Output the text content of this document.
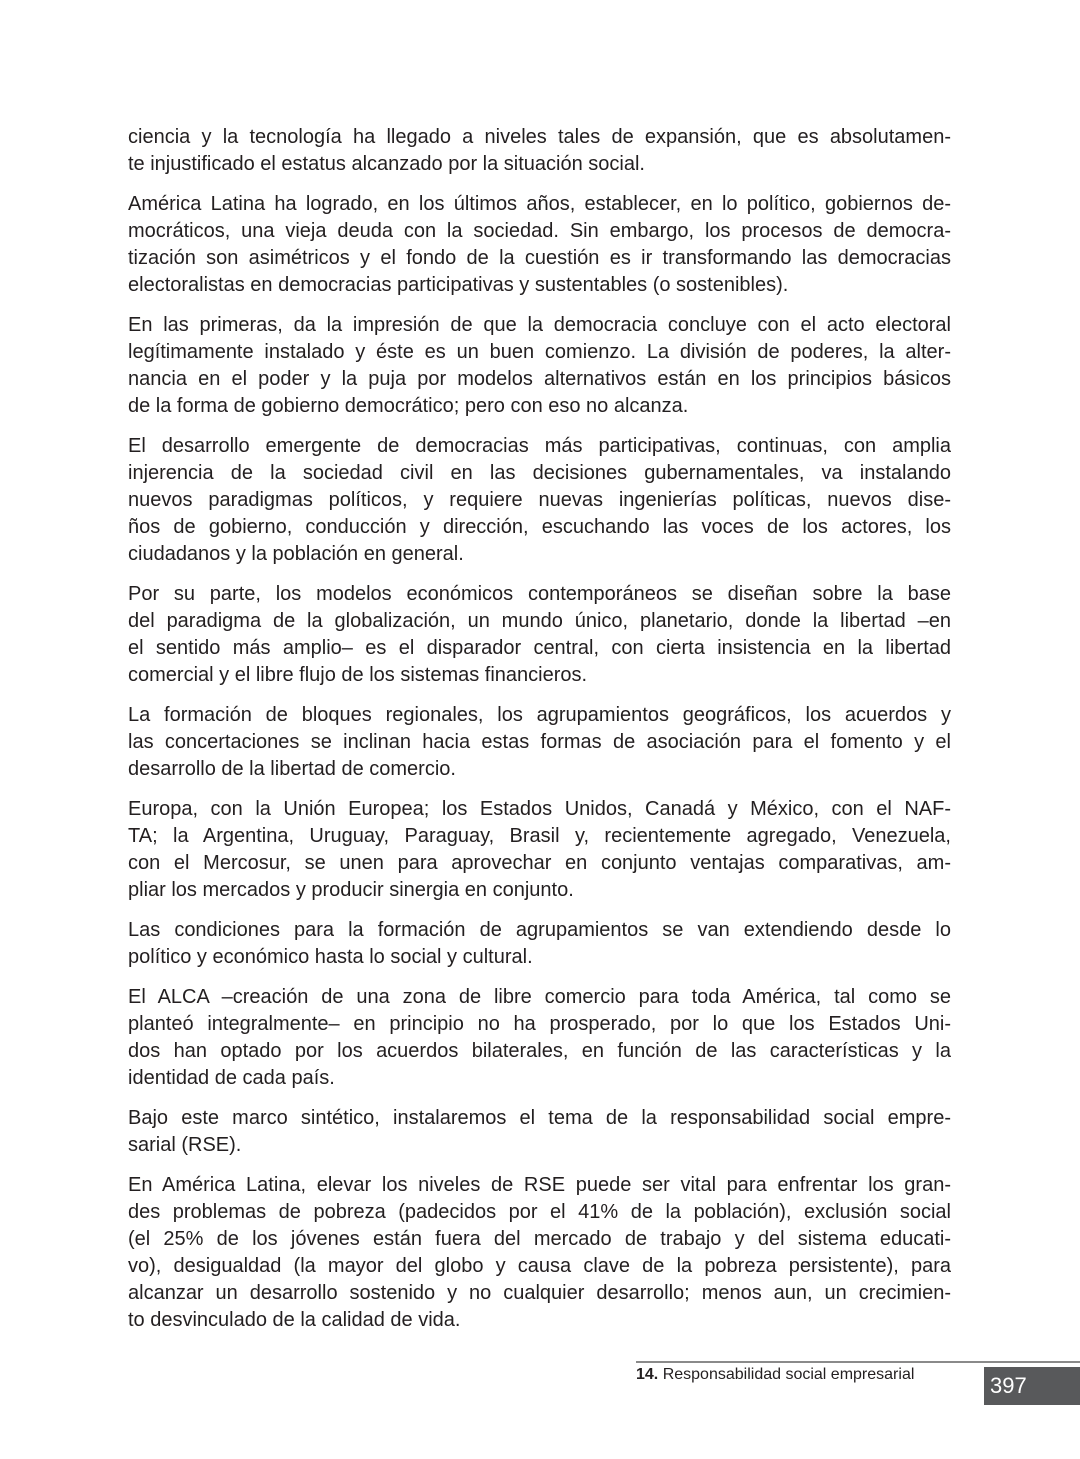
ciencia y la tecnología ha llegado a niveles tales de expansión, que es absolutamen-
te injustificado el estatus alcanzado por la situación social.
América Latina ha logrado, en los últimos años, establecer, en lo político, gobiernos de-
mocráticos, una vieja deuda con la sociedad. Sin embargo, los procesos de democra-
tización son asimétricos y el fondo de la cuestión es ir transformando las democracias
electoralistas en democracias participativas y sustentables (o sostenibles).
En las primeras, da la impresión de que la democracia concluye con el acto electoral
legítimamente instalado y éste es un buen comienzo. La división de poderes, la alter-
nancia en el poder y la puja por modelos alternativos están en los principios básicos
de la forma de gobierno democrático; pero con eso no alcanza.
El desarrollo emergente de democracias más participativas, continuas, con amplia
injerencia de la sociedad civil en las decisiones gubernamentales, va instalando
nuevos paradigmas políticos, y requiere nuevas ingenierías políticas, nuevos dise-
ños de gobierno, conducción y dirección, escuchando las voces de los actores, los
ciudadanos y la población en general.
Por su parte, los modelos económicos contemporáneos se diseñan sobre la base
del paradigma de la globalización, un mundo único, planetario, donde la libertad –en
el sentido más amplio– es el disparador central, con cierta insistencia en la libertad
comercial y el libre flujo de los sistemas financieros.
La formación de bloques regionales, los agrupamientos geográficos, los acuerdos y
las concertaciones se inclinan hacia estas formas de asociación para el fomento y el
desarrollo de la libertad de comercio.
Europa, con la Unión Europea; los Estados Unidos, Canadá y México, con el NAF-
TA; la Argentina, Uruguay, Paraguay, Brasil y, recientemente agregado, Venezuela,
con el Mercosur, se unen para aprovechar en conjunto ventajas comparativas, am-
pliar los mercados y producir sinergia en conjunto.
Las condiciones para la formación de agrupamientos se van extendiendo desde lo
político y económico hasta lo social y cultural.
El ALCA –creación de una zona de libre comercio para toda América, tal como se
planteó integralmente– en principio no ha prosperado, por lo que los Estados Uni-
dos han optado por los acuerdos bilaterales, en función de las características y la
identidad de cada país.
Bajo este marco sintético, instalaremos el tema de la responsabilidad social empre-
sarial (RSE).
En América Latina, elevar los niveles de RSE puede ser vital para enfrentar los gran-
des problemas de pobreza (padecidos por el 41% de la población), exclusión social
(el 25% de los jóvenes están fuera del mercado de trabajo y del sistema educati-
vo), desigualdad (la mayor del globo y causa clave de la pobreza persistente), para
alcanzar un desarrollo sostenido y no cualquier desarrollo; menos aun, un crecimien-
to desvinculado de la calidad de vida.
14. Responsabilidad social empresarial	397
